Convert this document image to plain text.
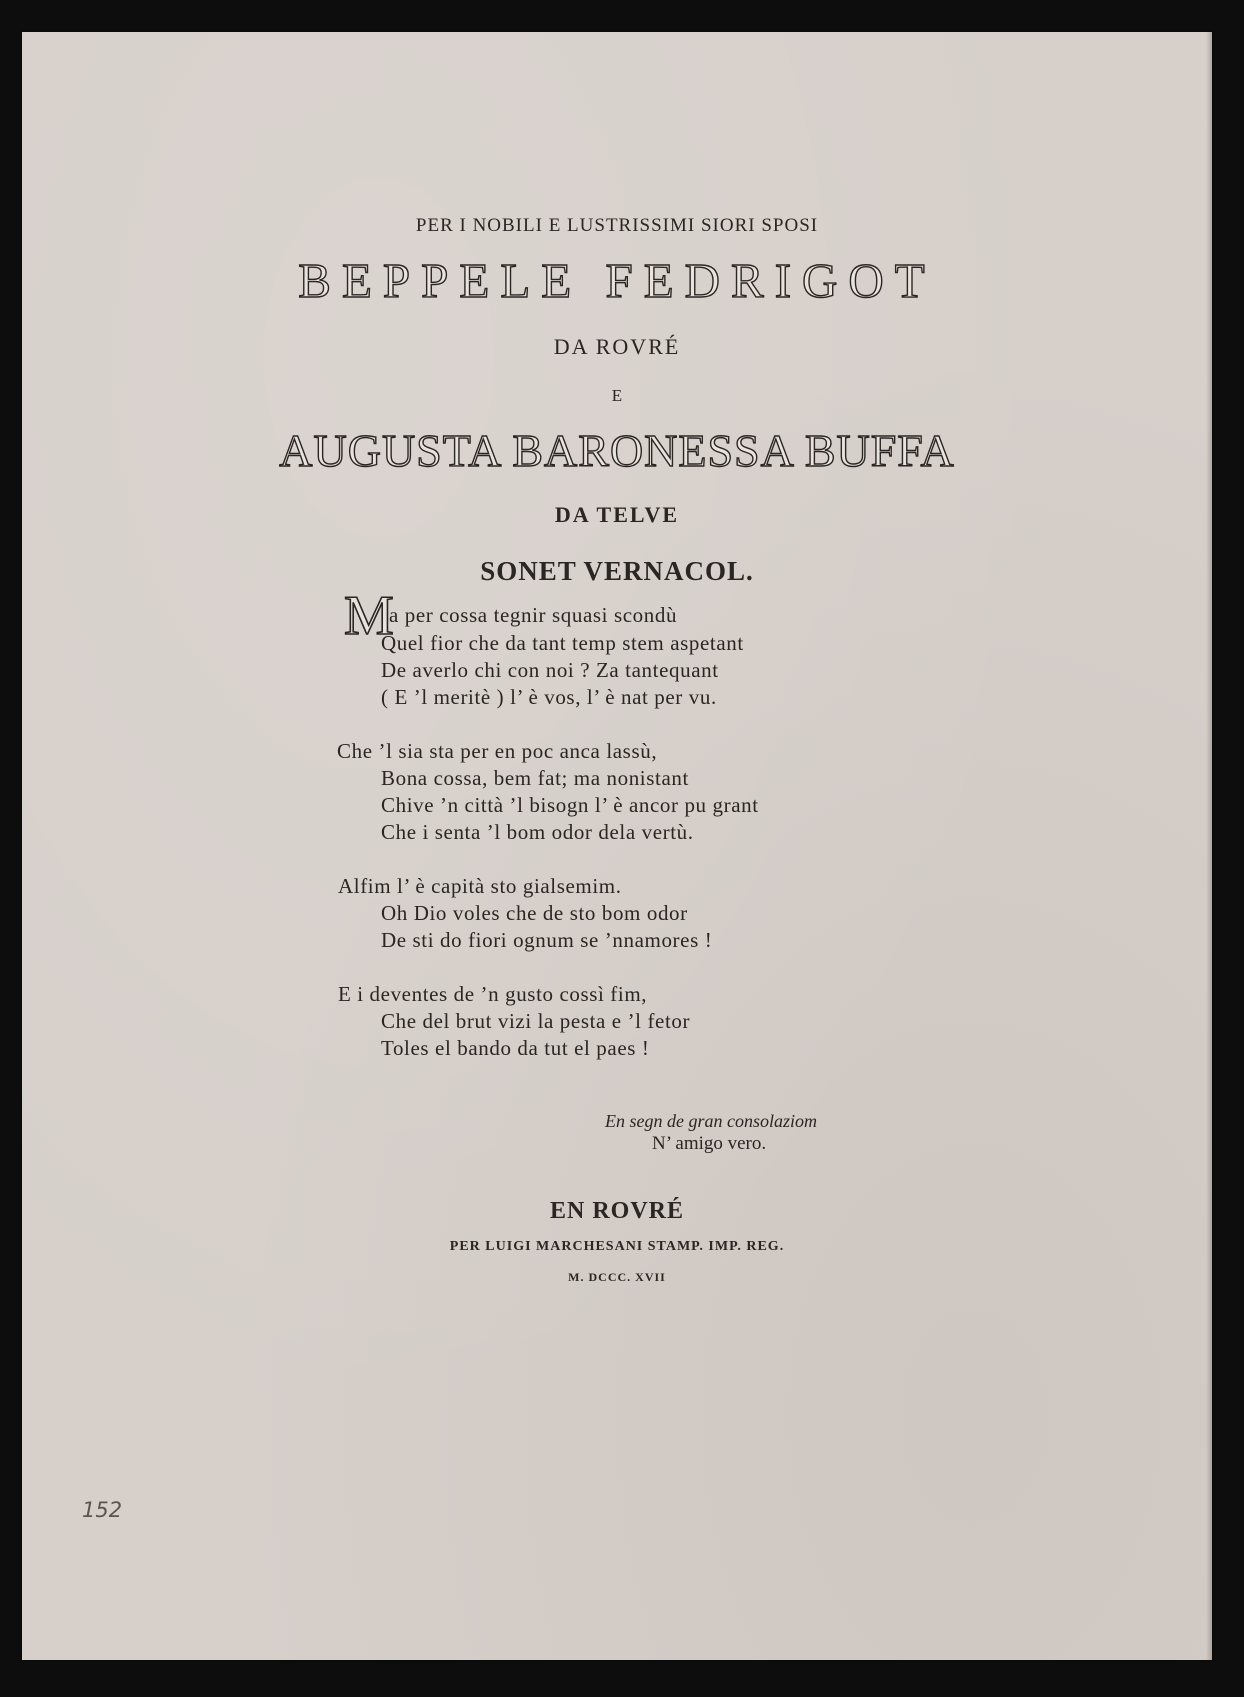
PER I NOBILI E LUSTRISSIMI SIORI SPOSI
BEPPELE FEDRIGOT
DA ROVRÉ
E
AUGUSTA BARONESSA BUFFA
DA TELVE
SONET VERNACOL.
M
a per cossa tegnir squasi scondù
Quel fior che da tant temp stem aspetant
De averlo chi con noi ? Za tantequant
( E ’l meritè ) l’ è vos, l’ è nat per vu.
Che ’l sia sta per en poc anca lassù,
Bona cossa, bem fat; ma nonistant
Chive ’n città ’l bisogn l’ è ancor pu grant
Che i senta ’l bom odor dela vertù.
Alfim l’ è capità sto gialsemim.
Oh Dio voles che de sto bom odor
De sti do fiori ognum se ’nnamores !
E i deventes de ’n gusto cossì fim,
Che del brut vizi la pesta e ’l fetor
Toles el bando da tut el paes !
En segn de gran consolaziom
N’ amigo vero.
EN ROVRÉ
PER LUIGI MARCHESANI STAMP. IMP. REG.
M. DCCC. XVII
152
